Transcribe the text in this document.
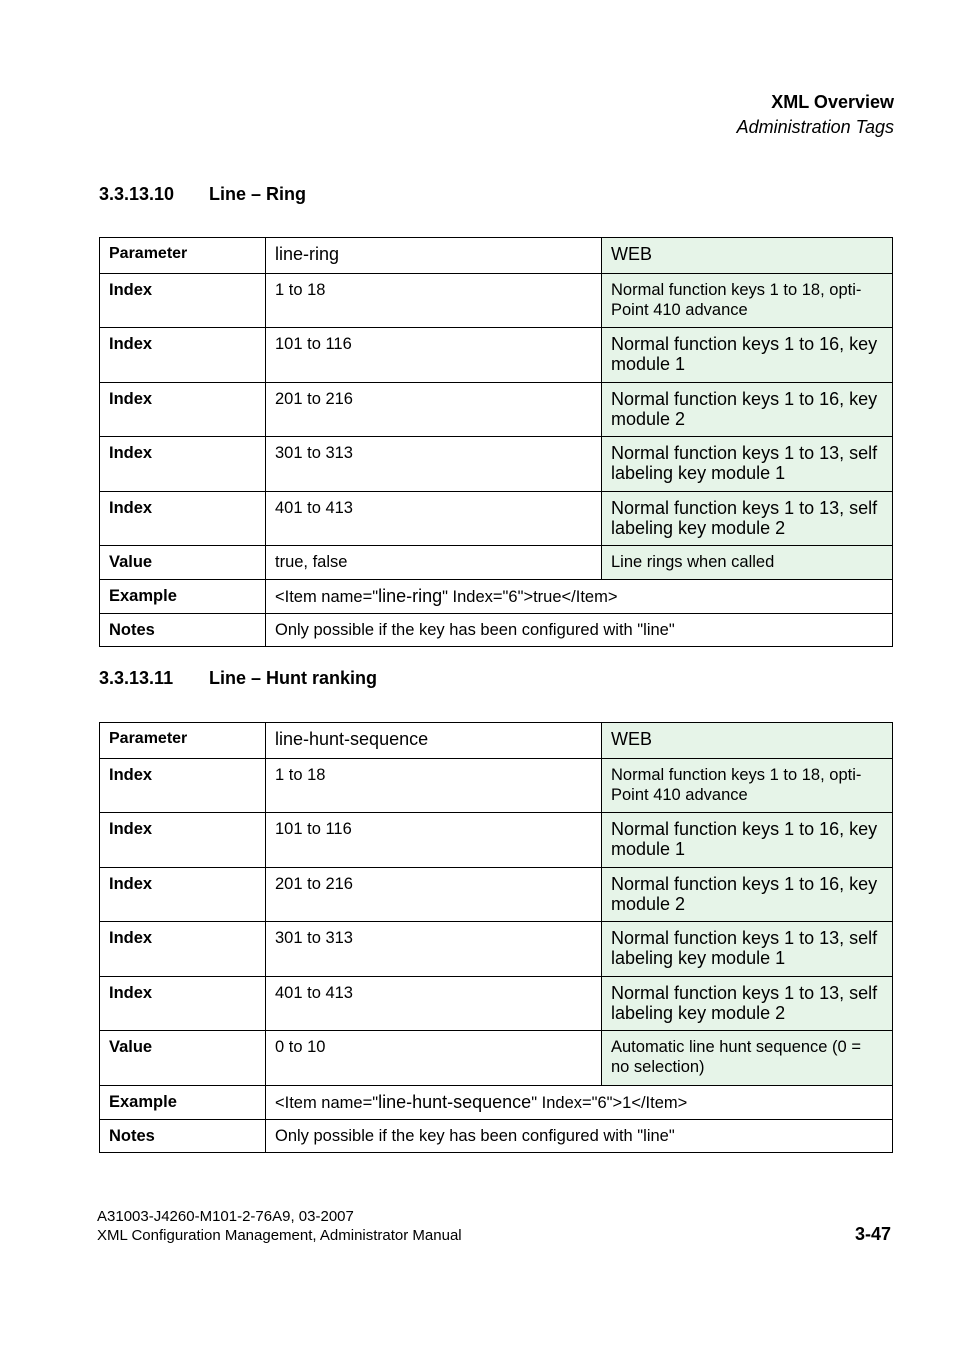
XML Overview
Administration Tags
3.3.13.10 Line – Ring
Parameter	line-ring	WEB
Index	1 to 18	Normal function keys 1 to 18, opti-Point 410 advance
Index	101 to 116	Normal function keys 1 to 16, key module 1
Index	201 to 216	Normal function keys 1 to 16, key module 2
Index	301 to 313	Normal function keys 1 to 13, self labeling key module 1
Index	401 to 413	Normal function keys 1 to 13, self labeling key module 2
Value	true, false	Line rings when called
Example	<Item name="line-ring" Index="6">true</Item>	
Notes	Only possible if the key has been configured with "line"	
3.3.13.11 Line – Hunt ranking
Parameter	line-hunt-sequence	WEB
Index	1 to 18	Normal function keys 1 to 18, opti-Point 410 advance
Index	101 to 116	Normal function keys 1 to 16, key module 1
Index	201 to 216	Normal function keys 1 to 16, key module 2
Index	301 to 313	Normal function keys 1 to 13, self labeling key module 1
Index	401 to 413	Normal function keys 1 to 13, self labeling key module 2
Value	0 to 10	Automatic line hunt sequence (0 = no selection)
Example	<Item name="line-hunt-sequence" Index="6">1</Item>	
Notes	Only possible if the key has been configured with "line"	
A31003-J4260-M101-2-76A9, 03-2007
XML Configuration Management, Administrator Manual	3-47
